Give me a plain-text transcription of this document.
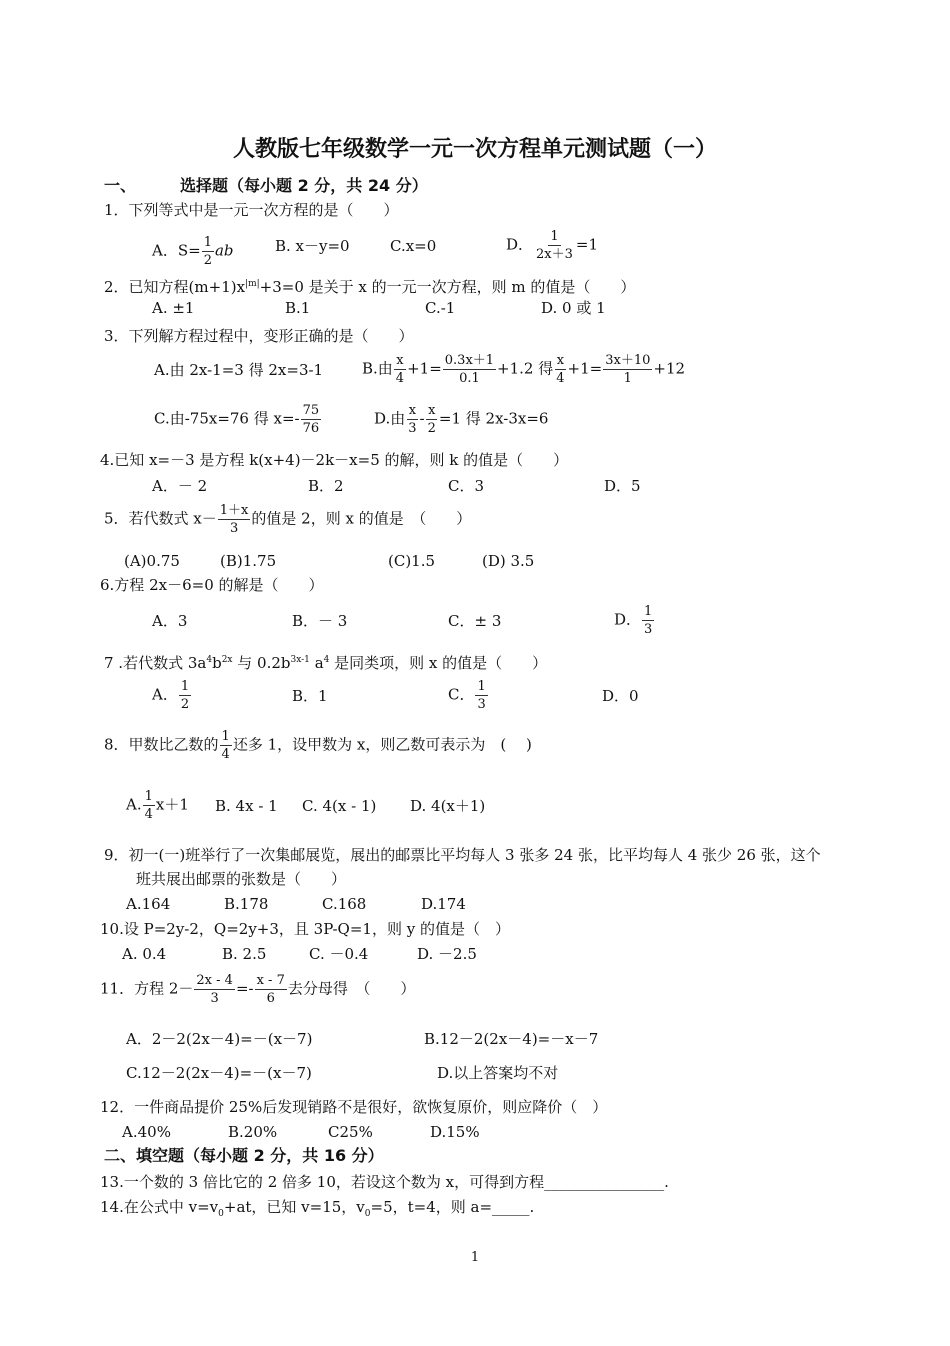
人教版七年级数学一元一次方程单元测试题（一）
一、	选择题（每小题 2 分，共 24 分）
1．下列等式中是一元一次方程的是（　　）
A．$S= \frac{1}{2}$ ab	B. x－y=0	C.x=0	D． $\frac{1}{2x+3} =1$
2．已知方程$(m+1)x^{|m|}+3=0$ 是关于 x 的一元一次方程，则 m 的值是（　　）
A. ±1	B.1	C.-1	D. 0 或 1
3．下列解方程过程中，变形正确的是（　　）
A.由 2x-1=3 得 2x=3-1	B.由 $\frac{x}{4} +1= \frac{0.3x+1}{0.1} +1.2$ 得 $\frac{x}{4} +1= \frac{3x+10}{1} +12$
C.由-75x=76 得 $x=- \frac{75}{76}$	D.由 $\frac{x}{3} - \frac{x}{2} =1$ 得 2x-3x=6
4.已知 x=－3 是方程 k(x+4)－2k－x=5 的解，则 k 的值是（　　）
A．－ 2	B．2	C．3	D．5
5．若代数式 $x- \frac{1+x}{3}$ 的值是 2，则 x 的值是　（　　）
(A)0.75	(B)1.75	(C)1.5	(D) 3.5
6.方程 2x－6=0 的解是（　　）
A．3	B．－ 3	C．± 3	D． $\frac{1}{3}$
7 .若代数式 $3a^4b^{2x}$ 与 $0.2b^{3x-1}$ $a^4$ 是同类项，则 x 的值是（　　）
A． $\frac{1}{2}$	B．1	C． $\frac{1}{3}$	D．0
8．甲数比乙数的 $\frac{1}{4}$ 还多 1，设甲数为 x，则乙数可表示为　(　 )
A. $\frac{1}{4} x+1$ B. 4x - 1 C. 4(x - 1) D. 4(x＋1)
9．初一(一)班举行了一次集邮展览，展出的邮票比平均每人 3 张多 24 张，比平均每人 4 张少 26 张，这个
班共展出邮票的张数是（　　）
A.164	B.178	C.168	D.174
10.设 P=2y-2，Q=2y+3，且 3P-Q=1，则 y 的值是（　）
A. 0.4	B. 2.5	C. －0.4	D. －2.5
11．方程 $2- \frac{2x - 4}{3} =- \frac{x - 7}{6}$ 去分母得　（　　）
A．2－2(2x－4)=－(x－7)	B.12－2(2x－4)=－x－7
C.12－2(2x－4)=－(x－7)	D.以上答案均不对
12．一件商品提价 25%后发现销路不是很好，欲恢复原价，则应降价（　）
A.40%	B.20%	C25%	D.15%
二、填空题（每小题 2 分，共 16 分）
13.一个数的 3 倍比它的 2 倍多 10，若设这个数为 x，可得到方程________________.
14.在公式中 $v=v_0+at$，已知 v=15，$v_0=5$，t=4，则 a=_____.
1
